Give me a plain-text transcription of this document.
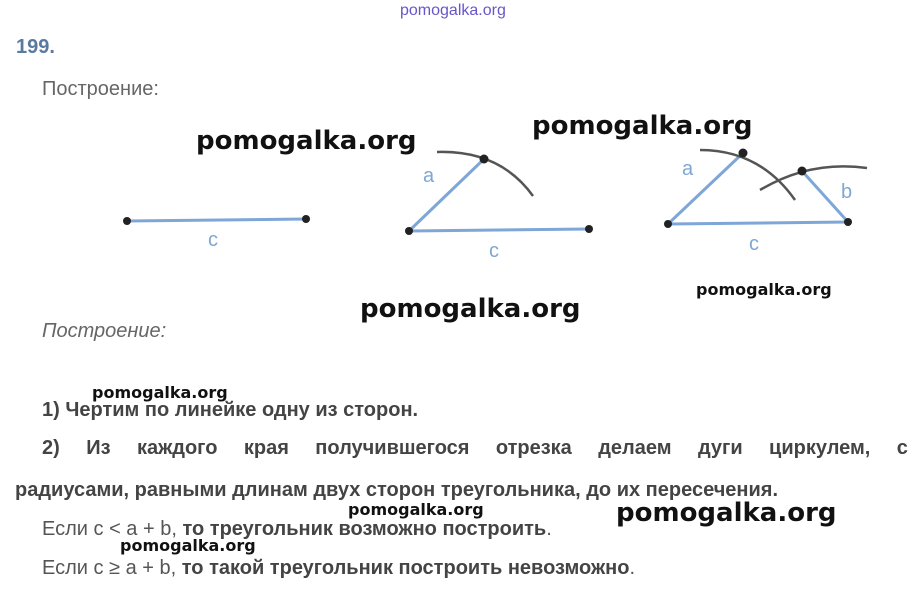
pomogalka.org
199.
Построение:
c
a
c
a
b
c
pomogalka.org	pomogalka.org
pomogalka.org
pomogalka.org
Построение:
pomogalka.org
1) Чертим по линейке одну из сторон.
2) Из каждого края получившегося отрезка делаем дуги циркулем, с
радиусами, равными длинам двух сторон треугольника, до их пересечения.
Если c < a + b, то треугольник возможно построить.
pomogalka.org
pomogalka.org
pomogalka.org
Если c ≥ a + b, то такой треугольник построить невозможно.
